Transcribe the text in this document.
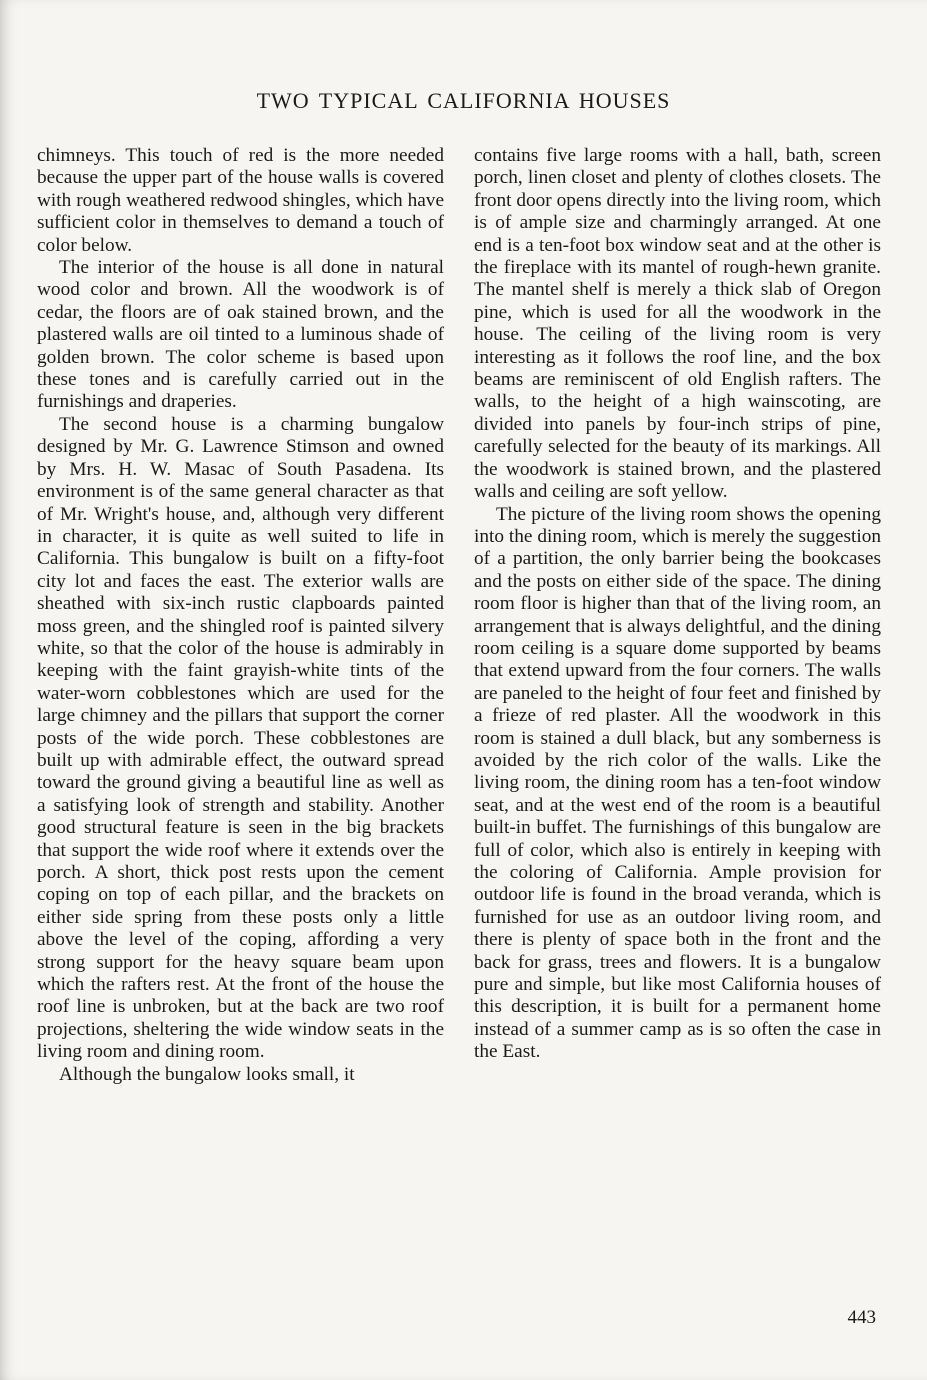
TWO TYPICAL CALIFORNIA HOUSES

chimneys. This touch of red is the more needed because the upper part of the house walls is covered with rough weathered redwood shingles, which have sufficient color in themselves to demand a touch of color below.

The interior of the house is all done in natural wood color and brown. All the woodwork is of cedar, the floors are of oak stained brown, and the plastered walls are oil tinted to a luminous shade of golden brown. The color scheme is based upon these tones and is carefully carried out in the furnishings and draperies.

The second house is a charming bungalow designed by Mr. G. Lawrence Stimson and owned by Mrs. H. W. Masac of South Pasadena. Its environment is of the same general character as that of Mr. Wright's house, and, although very different in character, it is quite as well suited to life in California. This bungalow is built on a fifty-foot city lot and faces the east. The exterior walls are sheathed with six-inch rustic clapboards painted moss green, and the shingled roof is painted silvery white, so that the color of the house is admirably in keeping with the faint grayish-white tints of the water-worn cobblestones which are used for the large chimney and the pillars that support the corner posts of the wide porch. These cobblestones are built up with admirable effect, the outward spread toward the ground giving a beautiful line as well as a satisfying look of strength and stability. Another good structural feature is seen in the big brackets that support the wide roof where it extends over the porch. A short, thick post rests upon the cement coping on top of each pillar, and the brackets on either side spring from these posts only a little above the level of the coping, affording a very strong support for the heavy square beam upon which the rafters rest. At the front of the house the roof line is unbroken, but at the back are two roof projections, sheltering the wide window seats in the living room and dining room.

Although the bungalow looks small, it

contains five large rooms with a hall, bath, screen porch, linen closet and plenty of clothes closets. The front door opens directly into the living room, which is of ample size and charmingly arranged. At one end is a ten-foot box window seat and at the other is the fireplace with its mantel of rough-hewn granite. The mantel shelf is merely a thick slab of Oregon pine, which is used for all the woodwork in the house. The ceiling of the living room is very interesting as it follows the roof line, and the box beams are reminiscent of old English rafters. The walls, to the height of a high wainscoting, are divided into panels by four-inch strips of pine, carefully selected for the beauty of its markings. All the woodwork is stained brown, and the plastered walls and ceiling are soft yellow.

The picture of the living room shows the opening into the dining room, which is merely the suggestion of a partition, the only barrier being the bookcases and the posts on either side of the space. The dining room floor is higher than that of the living room, an arrangement that is always delightful, and the dining room ceiling is a square dome supported by beams that extend upward from the four corners. The walls are paneled to the height of four feet and finished by a frieze of red plaster. All the woodwork in this room is stained a dull black, but any somberness is avoided by the rich color of the walls. Like the living room, the dining room has a ten-foot window seat, and at the west end of the room is a beautiful built-in buffet. The furnishings of this bungalow are full of color, which also is entirely in keeping with the coloring of California. Ample provision for outdoor life is found in the broad veranda, which is furnished for use as an outdoor living room, and there is plenty of space both in the front and the back for grass, trees and flowers. It is a bungalow pure and simple, but like most California houses of this description, it is built for a permanent home instead of a summer camp as is so often the case in the East.

443
